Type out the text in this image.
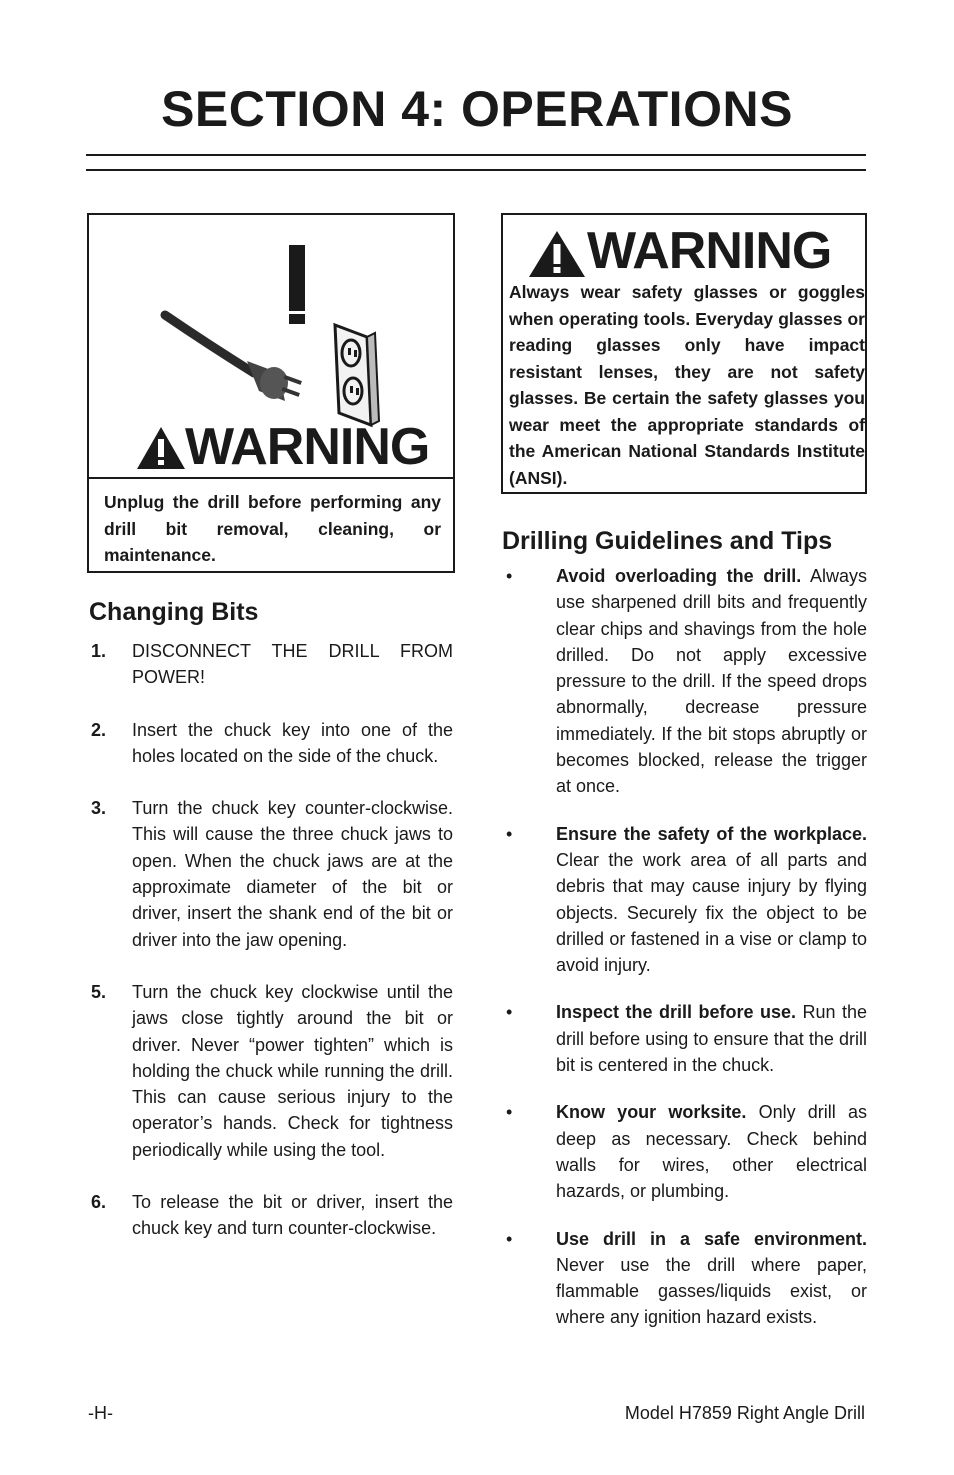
SECTION 4: OPERATIONS
WARNING
Unplug the drill before performing any drill bit removal, cleaning, or maintenance.
WARNING
Always wear safety glasses or goggles when operating tools. Everyday glasses or reading glasses only have impact resistant lenses, they are not safety glasses. Be certain the safety glasses you wear meet the appropriate standards of the American National Standards Institute (ANSI).
Changing Bits
1. DISCONNECT THE DRILL FROM POWER!
2. Insert the chuck key into one of the holes located on the side of the chuck.
3. Turn the chuck key counter-clockwise. This will cause the three chuck jaws to open. When the chuck jaws are at the approximate diameter of the bit or driver, insert the shank end of the bit or driver into the jaw opening.
5. Turn the chuck key clockwise until the jaws close tightly around the bit or driver. Never “power tighten” which is holding the chuck while running the drill. This can cause serious injury to the operator’s hands. Check for tightness periodically while using the tool.
6. To release the bit or driver, insert the chuck key and turn counter-clockwise.
Drilling Guidelines and Tips
• Avoid overloading the drill. Always use sharpened drill bits and frequently clear chips and shavings from the hole drilled. Do not apply excessive pressure to the drill. If the speed drops abnormally, decrease pressure immediately. If the bit stops abruptly or becomes blocked, release the trigger at once.
• Ensure the safety of the workplace. Clear the work area of all parts and debris that may cause injury by flying objects. Securely fix the object to be drilled or fastened in a vise or clamp to avoid injury.
• Inspect the drill before use. Run the drill before using to ensure that the drill bit is centered in the chuck.
• Know your worksite. Only drill as deep as necessary. Check behind walls for wires, other electrical hazards, or plumbing.
• Use drill in a safe environment. Never use the drill where paper, flammable gasses/liquids exist, or where any ignition hazard exists.
-H-	Model H7859 Right Angle Drill
